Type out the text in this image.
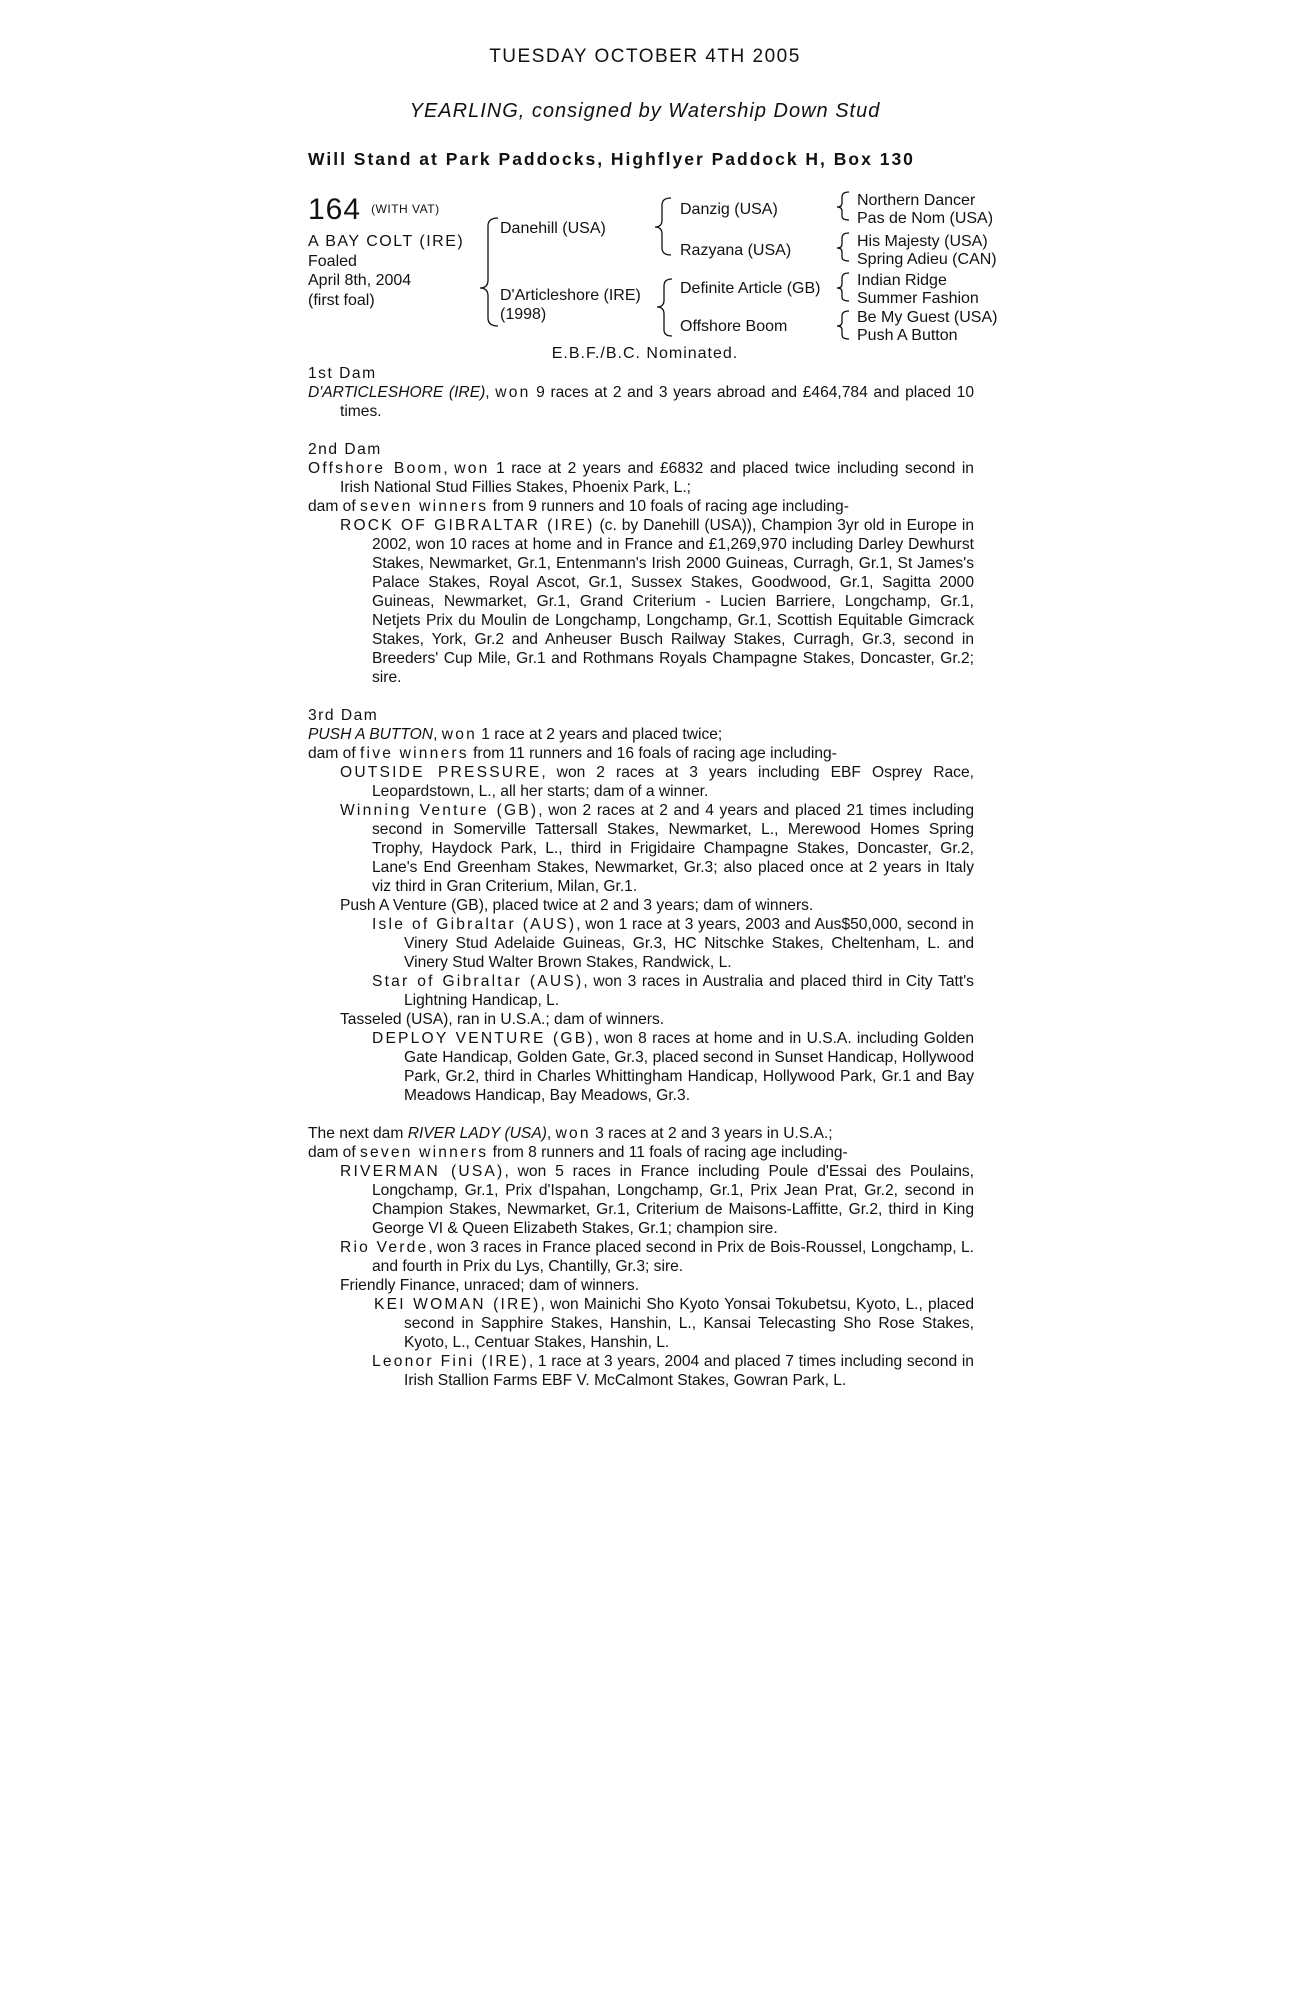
TUESDAY OCTOBER 4TH 2005
YEARLING, consigned by Watership Down Stud
Will Stand at Park Paddocks, Highflyer Paddock H, Box 130
164 $^{(WITH VAT)}$
A BAY COLT (IRE)
Foaled
April 8th, 2004
(first foal)
Danehill (USA)
D'Articleshore (IRE)
(1998)
Danzig (USA)
Razyana (USA)
Definite Article (GB)
Offshore Boom
Northern Dancer
Pas de Nom (USA)
His Majesty (USA)
Spring Adieu (CAN)
Indian Ridge
Summer Fashion
Be My Guest (USA)
Push A Button
E.B.F./B.C. Nominated.
1st Dam
D'ARTICLESHORE (IRE), won 9 races at 2 and 3 years abroad and £464,784 and placed 10 times.
2nd Dam
Offshore Boom, won 1 race at 2 years and £6832 and placed twice including second in Irish National Stud Fillies Stakes, Phoenix Park, L.;
dam of seven winners from 9 runners and 10 foals of racing age including-
ROCK OF GIBRALTAR (IRE) (c. by Danehill (USA)), Champion 3yr old in Europe in 2002, won 10 races at home and in France and £1,269,970 including Darley Dewhurst Stakes, Newmarket, Gr.1, Entenmann's Irish 2000 Guineas, Curragh, Gr.1, St James's Palace Stakes, Royal Ascot, Gr.1, Sussex Stakes, Goodwood, Gr.1, Sagitta 2000 Guineas, Newmarket, Gr.1, Grand Criterium - Lucien Barriere, Longchamp, Gr.1, Netjets Prix du Moulin de Longchamp, Longchamp, Gr.1, Scottish Equitable Gimcrack Stakes, York, Gr.2 and Anheuser Busch Railway Stakes, Curragh, Gr.3, second in Breeders' Cup Mile, Gr.1 and Rothmans Royals Champagne Stakes, Doncaster, Gr.2; sire.
3rd Dam
PUSH A BUTTON, won 1 race at 2 years and placed twice;
dam of five winners from 11 runners and 16 foals of racing age including-
OUTSIDE PRESSURE, won 2 races at 3 years including EBF Osprey Race, Leopardstown, L., all her starts; dam of a winner.
Winning Venture (GB), won 2 races at 2 and 4 years and placed 21 times including second in Somerville Tattersall Stakes, Newmarket, L., Merewood Homes Spring Trophy, Haydock Park, L., third in Frigidaire Champagne Stakes, Doncaster, Gr.2, Lane's End Greenham Stakes, Newmarket, Gr.3; also placed once at 2 years in Italy viz third in Gran Criterium, Milan, Gr.1.
Push A Venture (GB), placed twice at 2 and 3 years; dam of winners.
Isle of Gibraltar (AUS), won 1 race at 3 years, 2003 and Aus$50,000, second in Vinery Stud Adelaide Guineas, Gr.3, HC Nitschke Stakes, Cheltenham, L. and Vinery Stud Walter Brown Stakes, Randwick, L.
Star of Gibraltar (AUS), won 3 races in Australia and placed third in City Tatt's Lightning Handicap, L.
Tasseled (USA), ran in U.S.A.; dam of winners.
DEPLOY VENTURE (GB), won 8 races at home and in U.S.A. including Golden Gate Handicap, Golden Gate, Gr.3, placed second in Sunset Handicap, Hollywood Park, Gr.2, third in Charles Whittingham Handicap, Hollywood Park, Gr.1 and Bay Meadows Handicap, Bay Meadows, Gr.3.
The next dam RIVER LADY (USA), won 3 races at 2 and 3 years in U.S.A.;
dam of seven winners from 8 runners and 11 foals of racing age including-
RIVERMAN (USA), won 5 races in France including Poule d'Essai des Poulains, Longchamp, Gr.1, Prix d'Ispahan, Longchamp, Gr.1, Prix Jean Prat, Gr.2, second in Champion Stakes, Newmarket, Gr.1, Criterium de Maisons-Laffitte, Gr.2, third in King George VI & Queen Elizabeth Stakes, Gr.1; champion sire.
Rio Verde, won 3 races in France placed second in Prix de Bois-Roussel, Longchamp, L. and fourth in Prix du Lys, Chantilly, Gr.3; sire.
Friendly Finance, unraced; dam of winners.
KEI WOMAN (IRE), won Mainichi Sho Kyoto Yonsai Tokubetsu, Kyoto, L., placed second in Sapphire Stakes, Hanshin, L., Kansai Telecasting Sho Rose Stakes, Kyoto, L., Centuar Stakes, Hanshin, L.
Leonor Fini (IRE), 1 race at 3 years, 2004 and placed 7 times including second in Irish Stallion Farms EBF V. McCalmont Stakes, Gowran Park, L.
